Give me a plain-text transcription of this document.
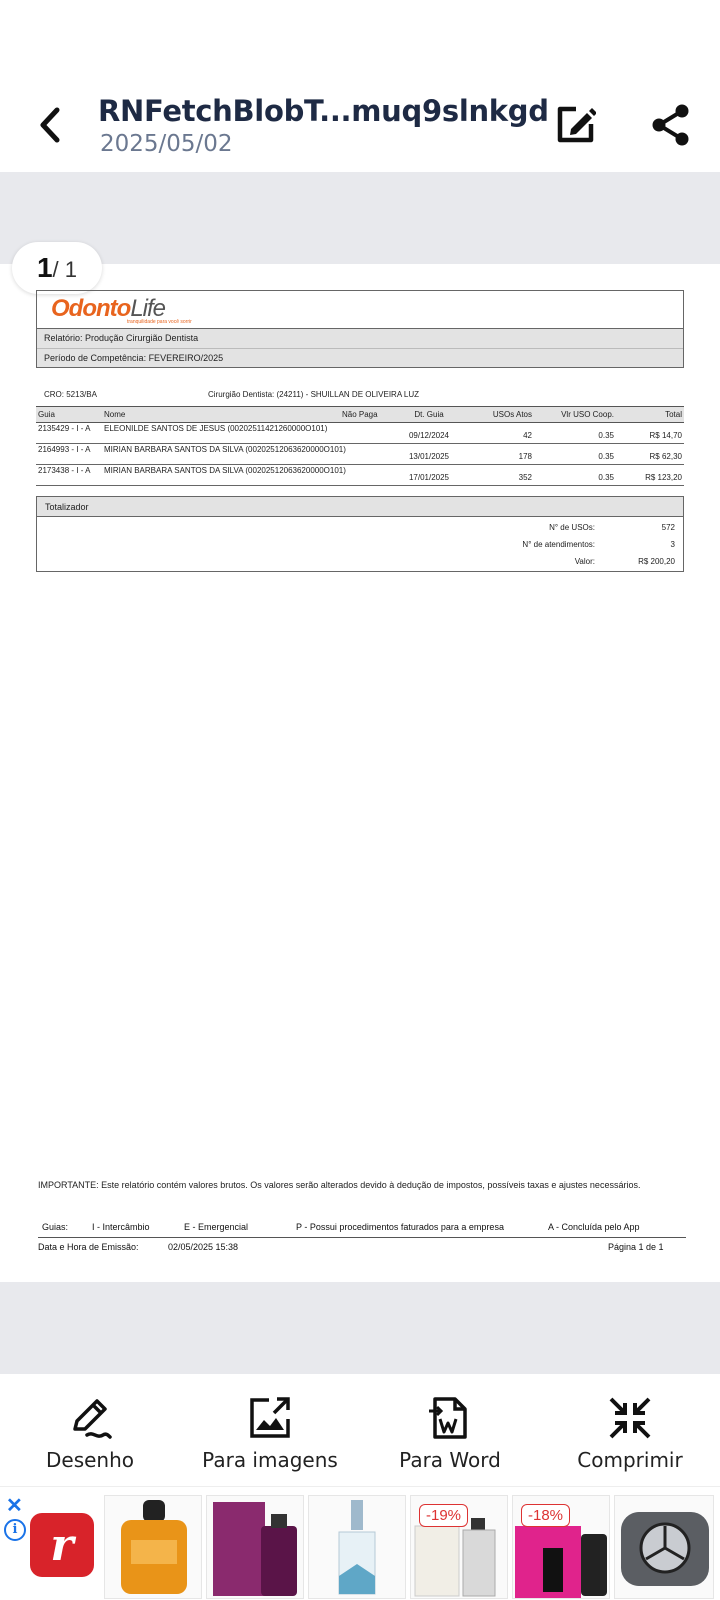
RNFetchBlobT...muq9slnkgd
2025/05/02
1 / 1
OdontoLife
tranquilidade para você sorrir
Relatório: Produção Cirurgião Dentista
Período de Competência: FEVEREIRO/2025
CRO: 5213/BA	Cirurgião Dentista: (24211) - SHUILLAN DE OLIVEIRA LUZ
Guia	Nome	Não Paga	Dt. Guia	USOs Atos	Vlr USO Coop.	Total
2135429 - I - A	ELEONILDE SANTOS DE JESUS (00202511421260000O101)		09/12/2024	42	0.35	R$ 14,70
2164993 - I - A	MIRIAN BARBARA SANTOS DA SILVA (00202512063620000O101)		13/01/2025	178	0.35	R$ 62,30
2173438 - I - A	MIRIAN BARBARA SANTOS DA SILVA (00202512063620000O101)		17/01/2025	352	0.35	R$ 123,20
Totalizador
N° de USOs:	572
N° de atendimentos:	3
Valor:	R$ 200,20
IMPORTANTE: Este relatório contém valores brutos. Os valores serão alterados devido à dedução de impostos, possíveis taxas e ajustes necessários.
Guias:	I - Intercâmbio	E - Emergencial	P - Possui procedimentos faturados para a empresa	A - Concluída pelo App
Data e Hora de Emissão:	02/05/2025 15:38	Página 1 de 1
Desenho	Para imagens	Para Word	Comprimir
✕
i r
-19%	-18%
